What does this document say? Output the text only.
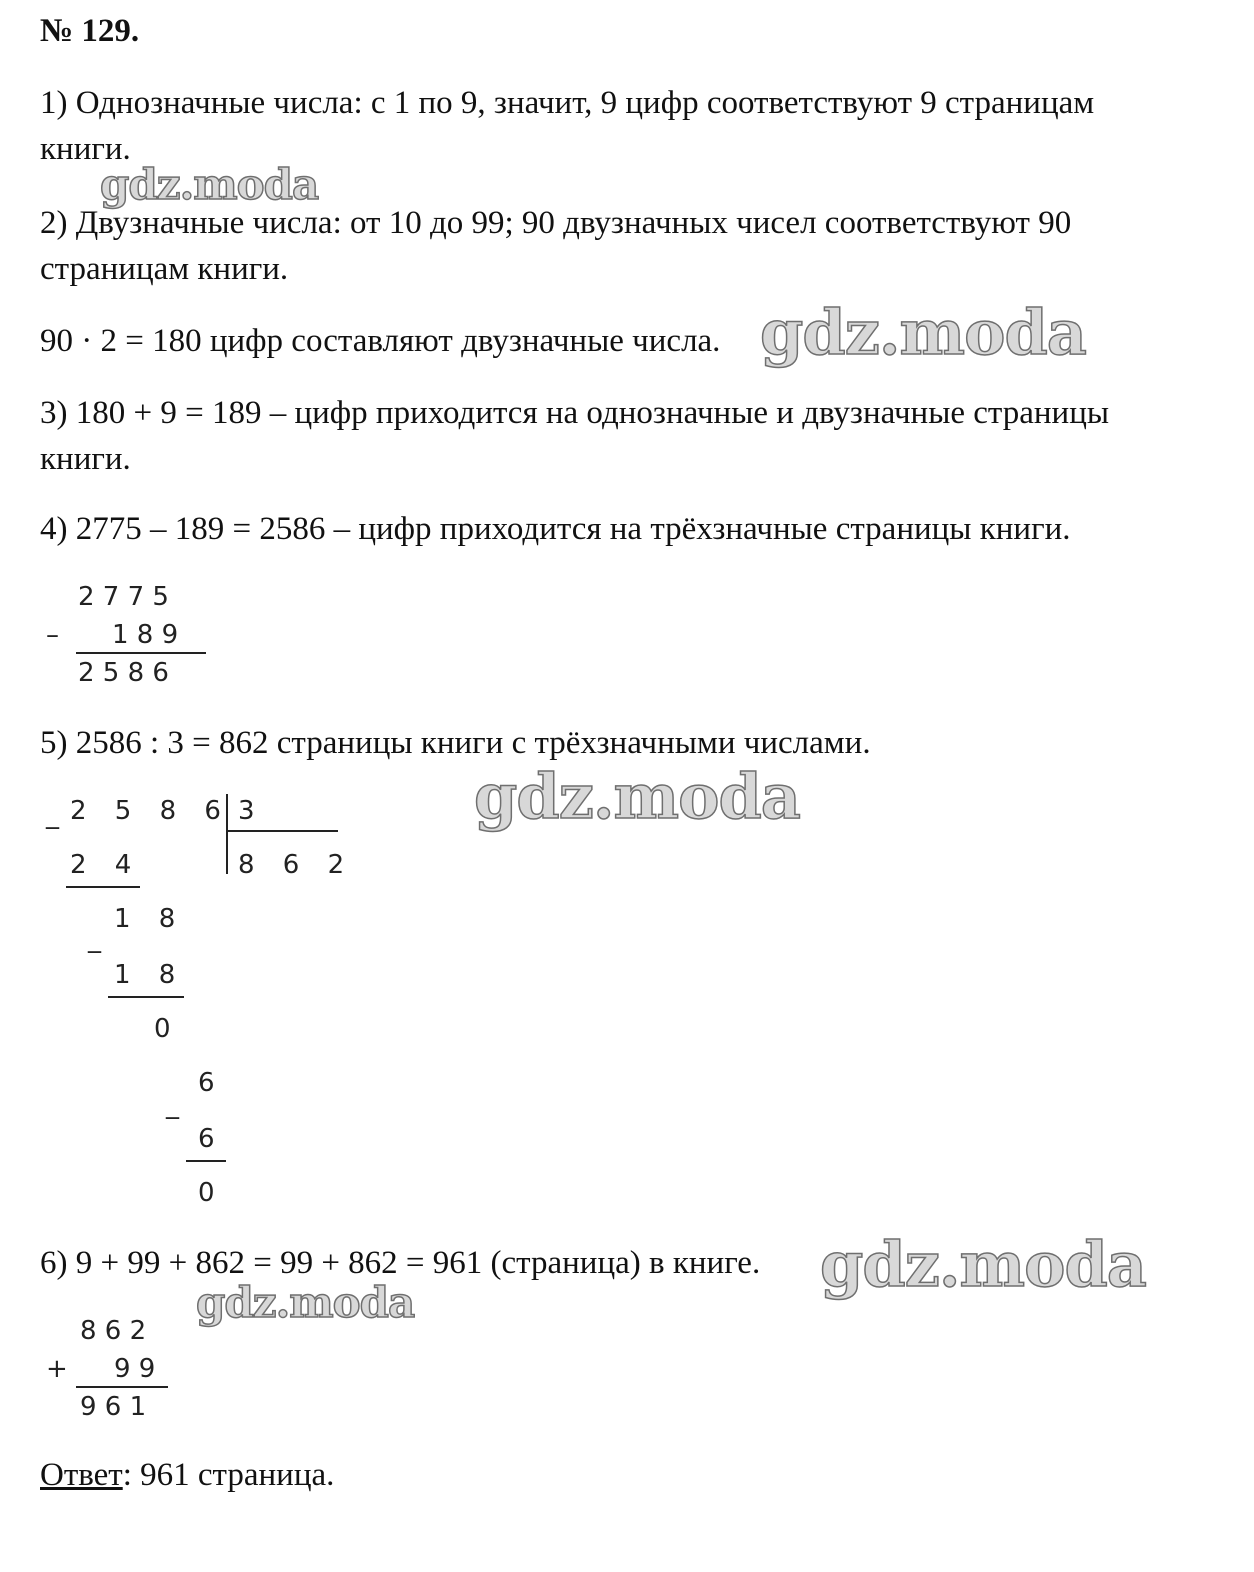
№ 129.

1) Однозначные числа: с 1 по 9, значит, 9 цифр соответствуют 9 страницам

книги.

2) Двузначные числа: от 10 до 99; 90 двузначных чисел соответствуют 90

страницам книги.

90 · 2 = 180 цифр составляют двузначные числа.

3) 180 + 9 = 189 – цифр приходится на однозначные и двузначные страницы

книги.

4) 2775 – 189 = 2586 – цифр приходится на трёхзначные страницы книги.

2 7 7 5
– 1 8 9
2 5 8 6

5) 2586 : 3 = 862 страницы книги с трёхзначными числами.

2 5 8 6
_	3
8 6 2
2 4
1 8
_
1 8
0
6
_
6
0

6) 9 + 99 + 862 = 99 + 862 = 961 (страница) в книге.

8 6 2
+ 9 9
9 6 1

Ответ: 961 страница.

gdz.moda
gdz.moda
gdz.moda
gdz.moda
gdz.moda
